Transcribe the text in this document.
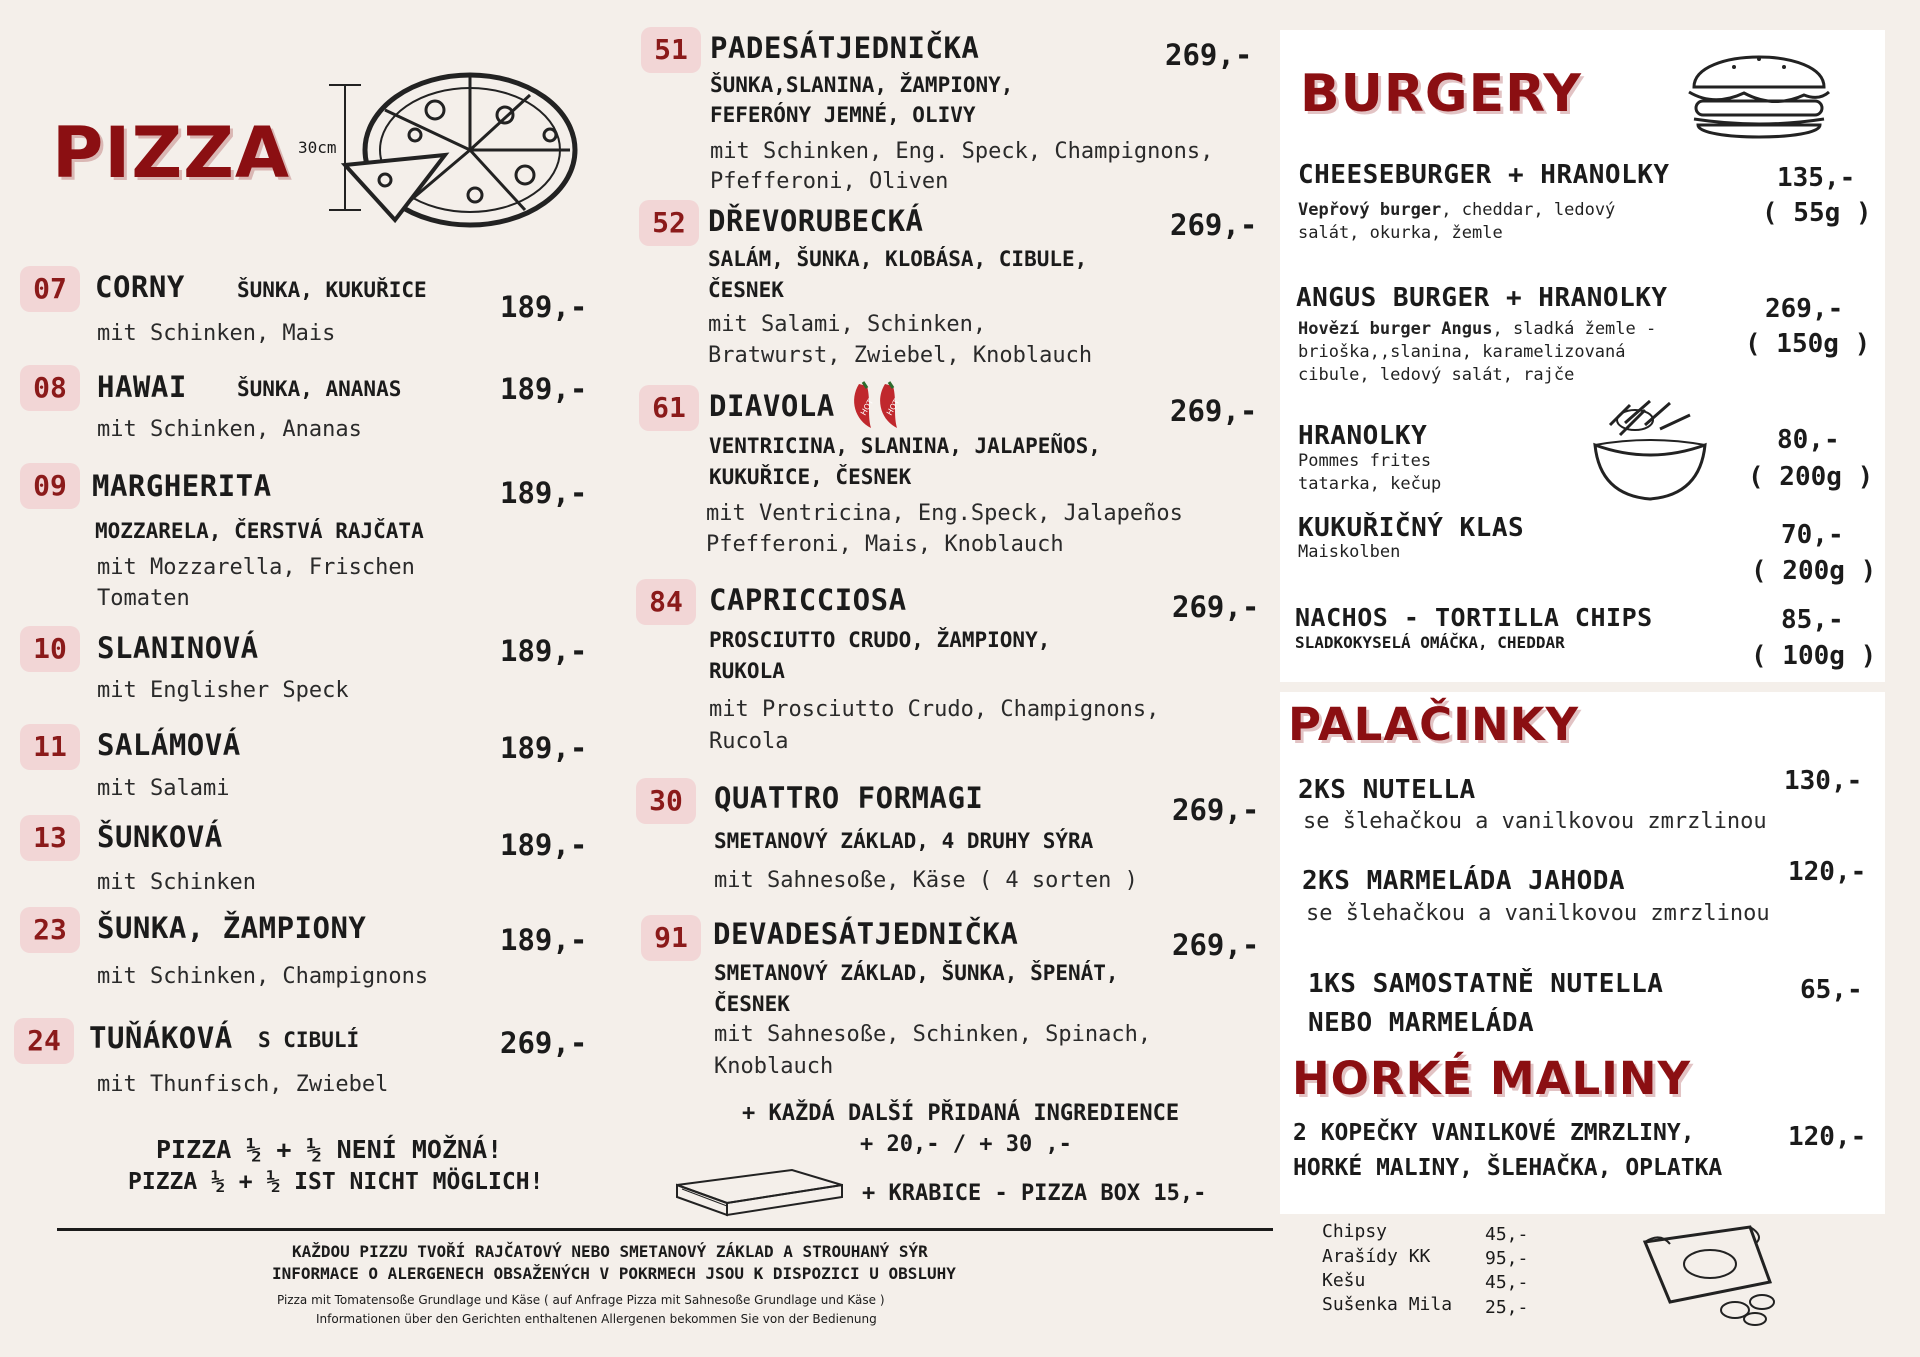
PIZZA 30cm
07 CORNY ŠUNKA, KUKUŘICE	189,-
mit Schinken, Mais
08	HAWAI ŠUNKA, ANANAS	189,-
mit Schinken, Ananas
09 MARGHERITA	189,-
MOZZARELA, ČERSTVÁ RAJČATA
mit Mozzarella, Frischen Tomaten
10	SLANINOVÁ	189,-
mit Englisher Speck
11	SALÁMOVÁ	189,-
mit Salami
13	ŠUNKOVÁ	189,-
mit Schinken
23	ŠUNKA, ŽAMPIONY	189,-
mit Schinken, Champignons
24 TUŇÁKOVÁ S CIBULÍ	269,-
mit Thunfisch, Zwiebel
PIZZA ½ + ½ NENÍ MOŽNÁ!
PIZZA ½ + ½ IST NICHT MÖGLICH!
51 PADESÁTJEDNIČKA	269,-
ŠUNKA,SLANINA, ŽAMPIONY,
FEFERÓNY JEMNÉ, OLIVY
mit Schinken, Eng. Speck, Champignons,
Pfefferoni, Oliven
52 DŘEVORUBECKÁ	269,-
SALÁM, ŠUNKA, KLOBÁSA, CIBULE,
ČESNEK
mit Salami, Schinken,
Bratwurst, Zwiebel, Knoblauch
61 DIAVOLA	HOT HOT	269,-
VENTRICINA, SLANINA, JALAPEÑOS,
KUKUŘICE, ČESNEK
mit Ventricina, Eng.Speck, Jalapeños
Pfefferoni, Mais, Knoblauch
84 CAPRICCIOSA	269,-
PROSCIUTTO CRUDO, ŽAMPIONY,
RUKOLA
mit Prosciutto Crudo, Champignons,
Rucola
30	QUATTRO FORMAGI	269,-
SMETANOVÝ ZÁKLAD, 4 DRUHY SÝRA
mit Sahnesoße, Käse ( 4 sorten )
91 DEVADESÁTJEDNIČKA	269,-
SMETANOVÝ ZÁKLAD, ŠUNKA, ŠPENÁT,
ČESNEK
mit Sahnesoße, Schinken, Spinach,
Knoblauch
+ KAŽDÁ DALŠÍ PŘIDANÁ INGREDIENCE
+ 20,- / + 30 ,-
+ KRABICE - PIZZA BOX 15,-
KAŽDOU PIZZU TVOŘÍ RAJČATOVÝ NEBO SMETANOVÝ ZÁKLAD A STROUHANÝ SÝR
INFORMACE O ALERGENECH OBSAŽENÝCH V POKRMECH JSOU K DISPOZICI U OBSLUHY
Pizza mit Tomatensoße Grundlage und Käse ( auf Anfrage Pizza mit Sahnesoße Grundlage und Käse )
Informationen über den Gerichten enthaltenen Allergenen bekommen Sie von der Bedienung
BURGERY
CHEESEBURGER + HRANOLKY
Vepřový burger, cheddar, ledový
salát, okurka, žemle
135,-
( 55g )
ANGUS BURGER + HRANOLKY
Hovězí burger Angus, sladká žemle -
brioška,,slanina, karamelizovaná
cibule, ledový salát, rajče
269,-
( 150g )
HRANOLKY
Pommes frites
tatarka, kečup
80,-
( 200g )
KUKUŘIČNÝ KLAS
Maiskolben
70,-
( 200g )
NACHOS - TORTILLA CHIPS
SLADKOKYSELÁ OMÁČKA, CHEDDAR
85,-
( 100g )
PALAČINKY
2KS NUTELLA
se šlehačkou a vanilkovou zmrzlinou
130,-
2KS MARMELÁDA JAHODA
se šlehačkou a vanilkovou zmrzlinou
120,-
1KS SAMOSTATNĚ NUTELLA
NEBO MARMELÁDA
65,-
HORKÉ MALINY
2 KOPEČKY VANILKOVÉ ZMRZLINY,
HORKÉ MALINY, ŠLEHAČKA, OPLATKA
120,-
Chipsy	45,-
Arašídy KK	95,-
Kešu	45,-
Sušenka Mila 25,-
